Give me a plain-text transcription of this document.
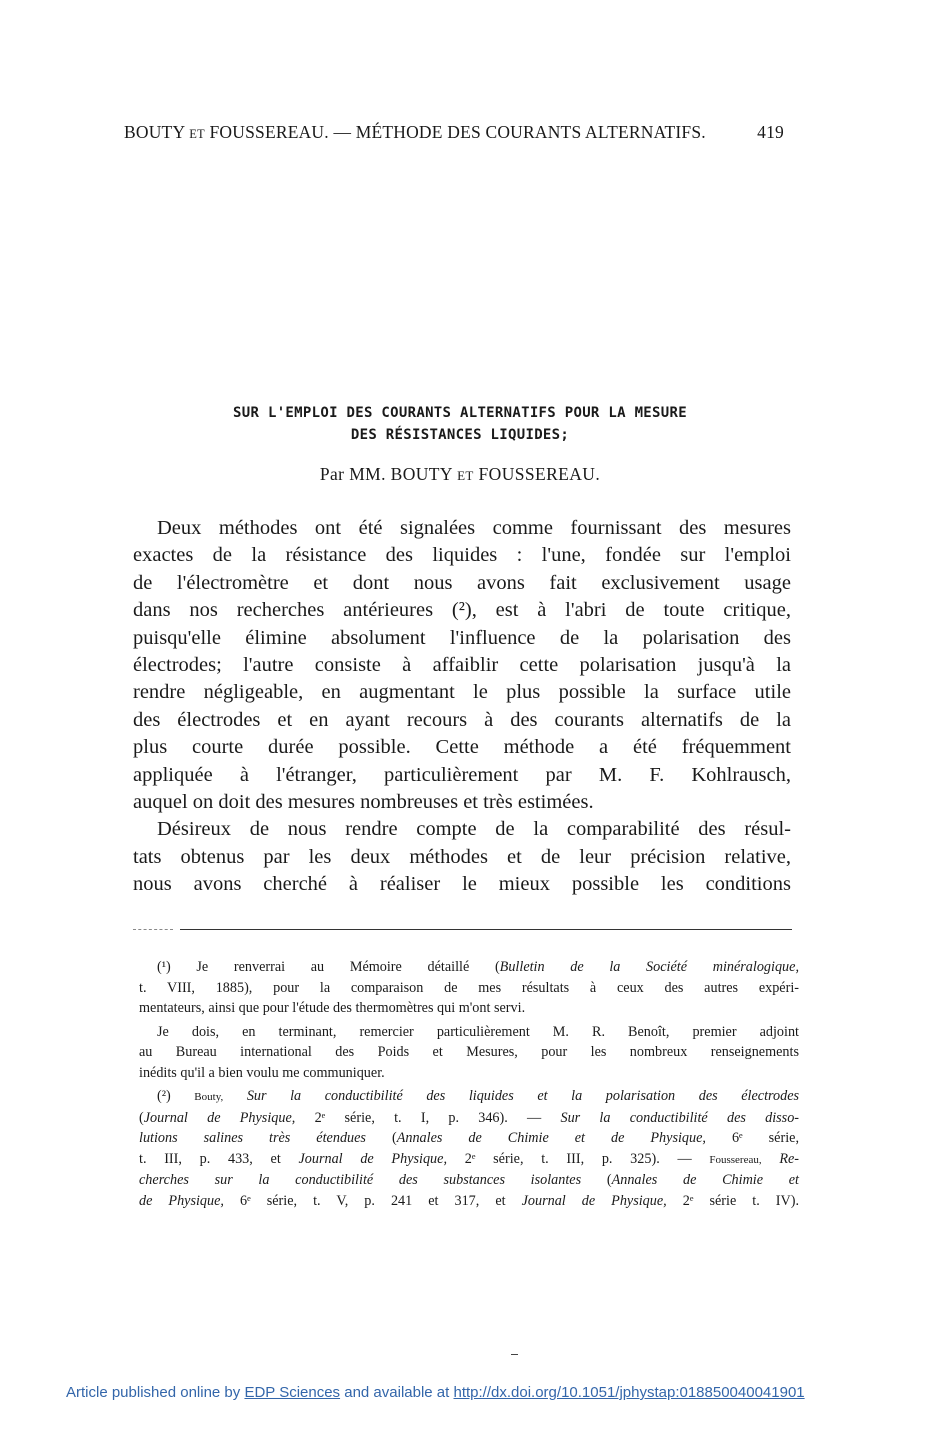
BOUTY ET FOUSSEREAU. — MÉTHODE DES COURANTS ALTERNATIFS.	419
SUR L'EMPLOI DES COURANTS ALTERNATIFS POUR LA MESURE
DES RÉSISTANCES LIQUIDES;
Par MM. BOUTY ET FOUSSEREAU.
Deux méthodes ont été signalées comme fournissant des mesures
exactes de la résistance des liquides : l'une, fondée sur l'emploi
de l'électromètre et dont nous avons fait exclusivement usage
dans nos recherches antérieures (²), est à l'abri de toute critique,
puisqu'elle élimine absolument l'influence de la polarisation des
électrodes; l'autre consiste à affaiblir cette polarisation jusqu'à la
rendre négligeable, en augmentant le plus possible la surface utile
des électrodes et en ayant recours à des courants alternatifs de la
plus courte durée possible. Cette méthode a été fréquemment
appliquée à l'étranger, particulièrement par M. F. Kohlrausch,
auquel on doit des mesures nombreuses et très estimées.
Désireux de nous rendre compte de la comparabilité des résul-
tats obtenus par les deux méthodes et de leur précision relative,
nous avons cherché à réaliser le mieux possible les conditions
(¹) Je renverrai au Mémoire détaillé (Bulletin de la Société minéralogique,
t. VIII, 1885), pour la comparaison de mes résultats à ceux des autres expéri-
mentateurs, ainsi que pour l'étude des thermomètres qui m'ont servi.
Je dois, en terminant, remercier particulièrement M. R. Benoît, premier adjoint
au Bureau international des Poids et Mesures, pour les nombreux renseignements
inédits qu'il a bien voulu me communiquer.
(²) Bouty, Sur la conductibilité des liquides et la polarisation des électrodes
(Journal de Physique, 2ᵉ série, t. I, p. 346). — Sur la conductibilité des disso-
lutions salines très étendues (Annales de Chimie et de Physique, 6ᵉ série,
t. III, p. 433, et Journal de Physique, 2ᵉ série, t. III, p. 325). — Foussereau, Re-
cherches sur la conductibilité des substances isolantes (Annales de Chimie et
de Physique, 6ᵉ série, t. V, p. 241 et 317, et Journal de Physique, 2ᵉ série t. IV).
Article published online by EDP Sciences and available at http://dx.doi.org/10.1051/jphystap:018850040041901
